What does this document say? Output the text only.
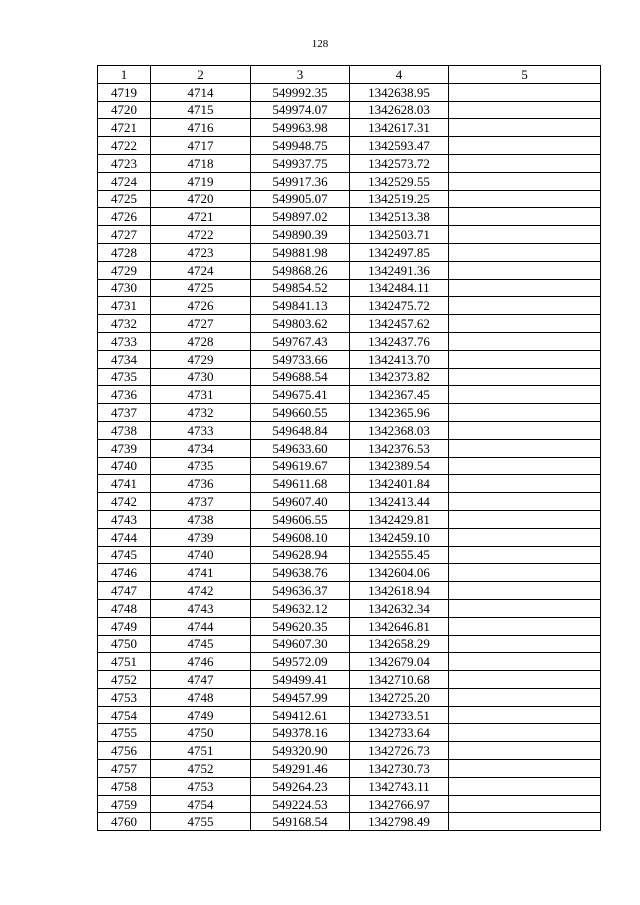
128
1	2	3	4	5
4719	4714	549992.35	1342638.95	
4720	4715	549974.07	1342628.03	
4721	4716	549963.98	1342617.31	
4722	4717	549948.75	1342593.47	
4723	4718	549937.75	1342573.72	
4724	4719	549917.36	1342529.55	
4725	4720	549905.07	1342519.25	
4726	4721	549897.02	1342513.38	
4727	4722	549890.39	1342503.71	
4728	4723	549881.98	1342497.85	
4729	4724	549868.26	1342491.36	
4730	4725	549854.52	1342484.11	
4731	4726	549841.13	1342475.72	
4732	4727	549803.62	1342457.62	
4733	4728	549767.43	1342437.76	
4734	4729	549733.66	1342413.70	
4735	4730	549688.54	1342373.82	
4736	4731	549675.41	1342367.45	
4737	4732	549660.55	1342365.96	
4738	4733	549648.84	1342368.03	
4739	4734	549633.60	1342376.53	
4740	4735	549619.67	1342389.54	
4741	4736	549611.68	1342401.84	
4742	4737	549607.40	1342413.44	
4743	4738	549606.55	1342429.81	
4744	4739	549608.10	1342459.10	
4745	4740	549628.94	1342555.45	
4746	4741	549638.76	1342604.06	
4747	4742	549636.37	1342618.94	
4748	4743	549632.12	1342632.34	
4749	4744	549620.35	1342646.81	
4750	4745	549607.30	1342658.29	
4751	4746	549572.09	1342679.04	
4752	4747	549499.41	1342710.68	
4753	4748	549457.99	1342725.20	
4754	4749	549412.61	1342733.51	
4755	4750	549378.16	1342733.64	
4756	4751	549320.90	1342726.73	
4757	4752	549291.46	1342730.73	
4758	4753	549264.23	1342743.11	
4759	4754	549224.53	1342766.97	
4760	4755	549168.54	1342798.49	
